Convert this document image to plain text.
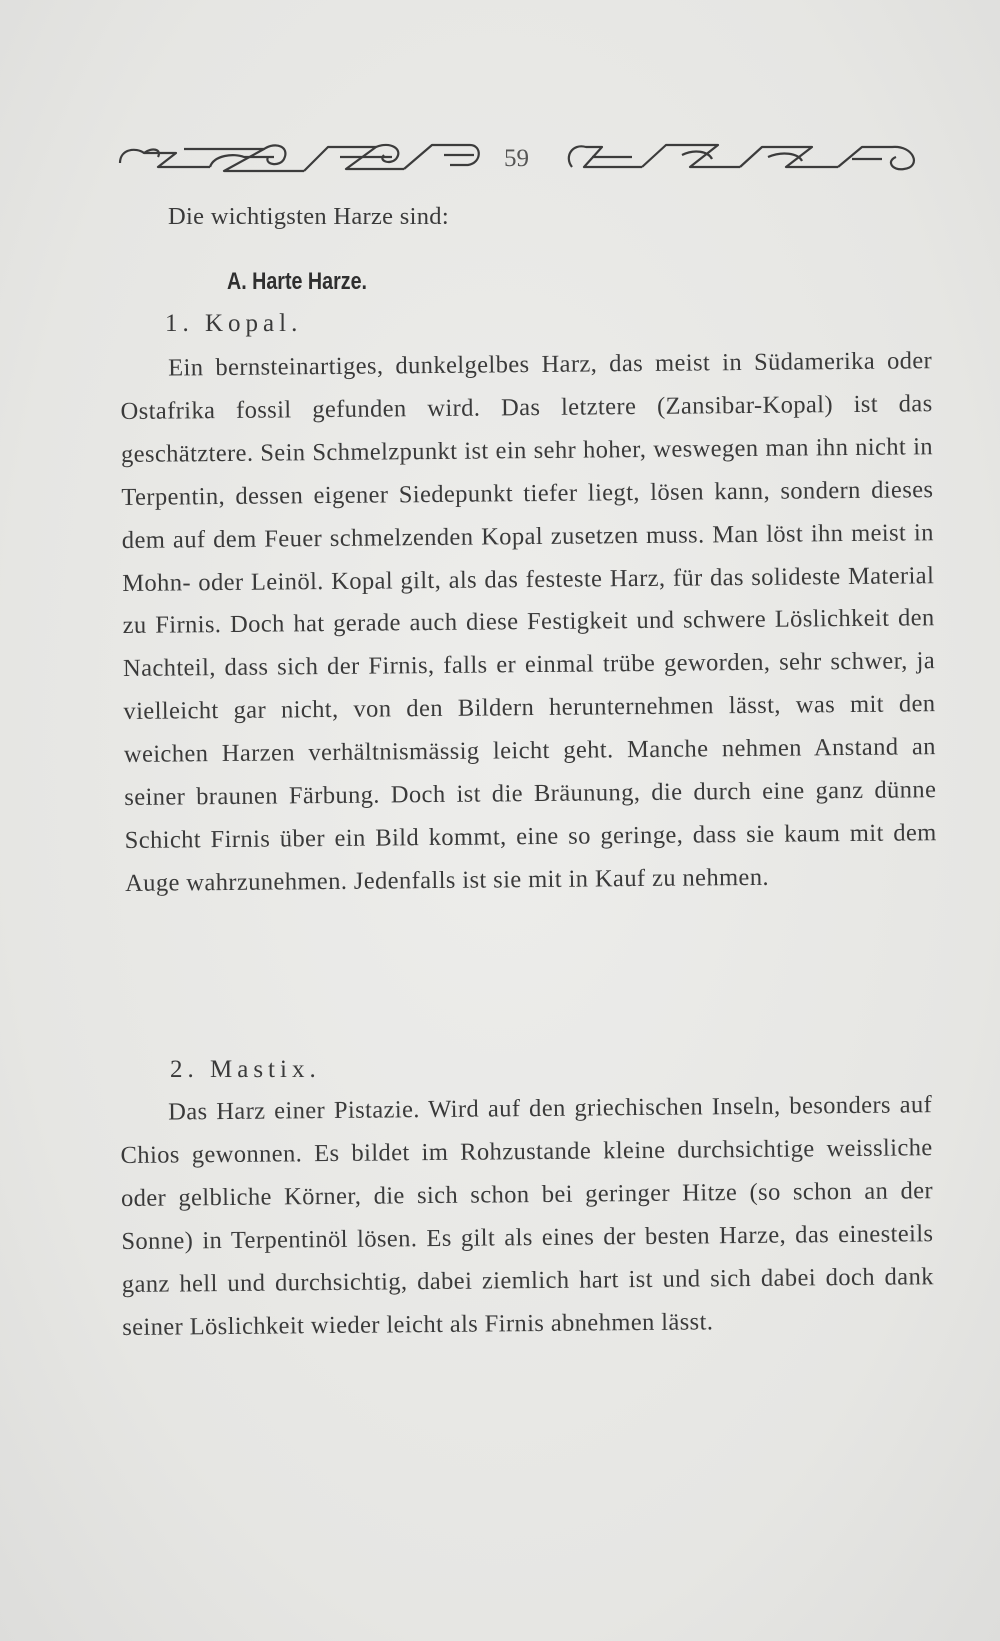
59
Die wichtigsten Harze sind:
A. Harte Harze.
1. Kopal.
Ein bernsteinartiges, dunkelgelbes Harz, das meist in Südamerika oder Ostafrika fossil gefunden wird. Das letztere (Zansibar-Kopal) ist das geschätztere. Sein Schmelzpunkt ist ein sehr hoher, weswegen man ihn nicht in Terpentin, dessen eigener Siedepunkt tiefer liegt, lösen kann, sondern dieses dem auf dem Feuer schmelzenden Kopal zusetzen muss. Man löst ihn meist in Mohn- oder Leinöl. Kopal gilt, als das festeste Harz, für das solideste Material zu Firnis. Doch hat gerade auch diese Festigkeit und schwere Löslichkeit den Nachteil, dass sich der Firnis, falls er einmal trübe geworden, sehr schwer, ja vielleicht gar nicht, von den Bildern herunternehmen lässt, was mit den weichen Harzen verhältnismässig leicht geht. Manche nehmen Anstand an seiner braunen Färbung. Doch ist die Bräunung, die durch eine ganz dünne Schicht Firnis über ein Bild kommt, eine so geringe, dass sie kaum mit dem Auge wahrzunehmen. Jedenfalls ist sie mit in Kauf zu nehmen.
2. Mastix.
Das Harz einer Pistazie. Wird auf den griechischen Inseln, besonders auf Chios gewonnen. Es bildet im Rohzustande kleine durchsichtige weissliche oder gelbliche Körner, die sich schon bei geringer Hitze (so schon an der Sonne) in Terpentinöl lösen. Es gilt als eines der besten Harze, das einesteils ganz hell und durchsichtig, dabei ziemlich hart ist und sich dabei doch dank seiner Löslichkeit wieder leicht als Firnis abnehmen lässt.
